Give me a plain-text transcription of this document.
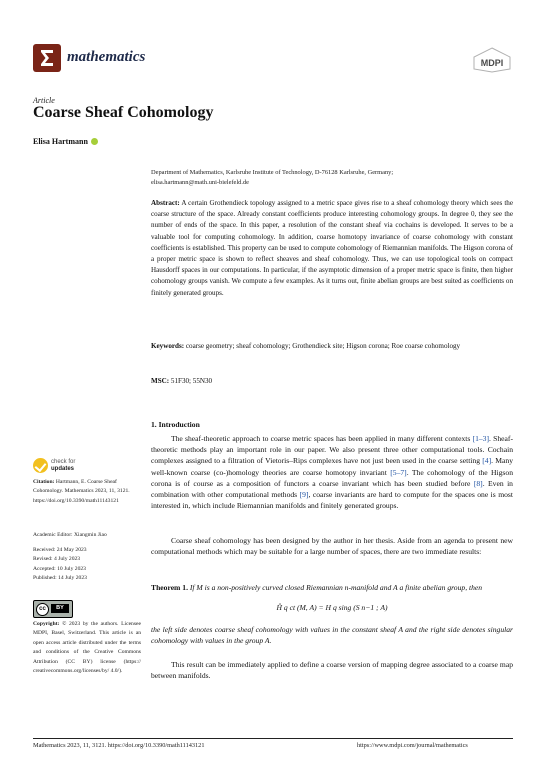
mathematics	MDPI
Article
Coarse Sheaf Cohomology
Elisa Hartmann
Department of Mathematics, Karlsruhe Institute of Technology, D-76128 Karlsruhe, Germany;
elisa.hartmann@math.uni-bielefeld.de
Abstract: A certain Grothendieck topology assigned to a metric space gives rise to a sheaf cohomology theory which sees the coarse structure of the space. Already constant coefficients produce interesting cohomology groups. In degree 0, they see the number of ends of the space. In this paper, a resolution of the constant sheaf via cochains is developed. It serves to be a valuable tool for computing cohomology. In addition, coarse homotopy invariance of coarse cohomology with constant coefficients is established. This property can be used to compute cohomology of Riemannian manifolds. The Higson corona of a proper metric space is shown to reflect sheaves and sheaf cohomology. Thus, we can use topological tools on compact Hausdorff spaces in our computations. In particular, if the asymptotic dimension of a proper metric space is finite, then higher cohomology groups vanish. We compute a few examples. As it turns out, finite abelian groups are best suited as coefficients on finitely generated groups.
Keywords: coarse geometry; sheaf cohomology; Grothendieck site; Higson corona; Roe coarse cohomology
MSC: 51F30; 55N30
1. Introduction
The sheaf-theoretic approach to coarse metric spaces has been applied in many different contexts [1–3]. Sheaf-theoretic methods play an important role in our paper. We also present three other computational tools. Cochain complexes assigned to a filtration of Vietoris–Rips complexes have not just been used in the coarse setting [4]. Many well-known coarse (co-)homology theories are coarse homotopy invariant [5–7]. The cohomology of the Higson corona is of course as a composition of functors a coarse invariant which has been studied before [8]. Even in combination with other computational methods [9], coarse invariants are hard to compute for the spaces one is most interested in, which include Riemannian manifolds and finitely generated groups.
Coarse sheaf cohomology has been designed by the author in her thesis. Aside from an agenda to present new computational methods which may be suitable for a large number of spaces, there are two immediate results:
Theorem 1. If M is a non-positively curved closed Riemannian n-manifold and A a finite abelian group, then
Ĥ q ct (M, A) = H q sing (S n−1 ; A)
the left side denotes coarse sheaf cohomology with values in the constant sheaf A and the right side denotes singular cohomology with values in the group A.
This result can be immediately applied to define a coarse version of mapping degree associated to a coarse map between manifolds.
check for
updates
Citation: Hartmann, E. Coarse Sheaf Cohomology. Mathematics 2023, 11, 3121. https://doi.org/10.3390/math11143121
Academic Editor: Xiangmin Jiao
Received: 24 May 2023
Revised: 4 July 2023
Accepted: 10 July 2023
Published: 14 July 2023
cc	BY
Copyright: © 2023 by the authors. Licensee MDPI, Basel, Switzerland. This article is an open access article distributed under the terms and conditions of the Creative Commons Attribution (CC BY) license (https:// creativecommons.org/licenses/by/ 4.0/).
Mathematics 2023, 11, 3121. https://doi.org/10.3390/math11143121	https://www.mdpi.com/journal/mathematics
